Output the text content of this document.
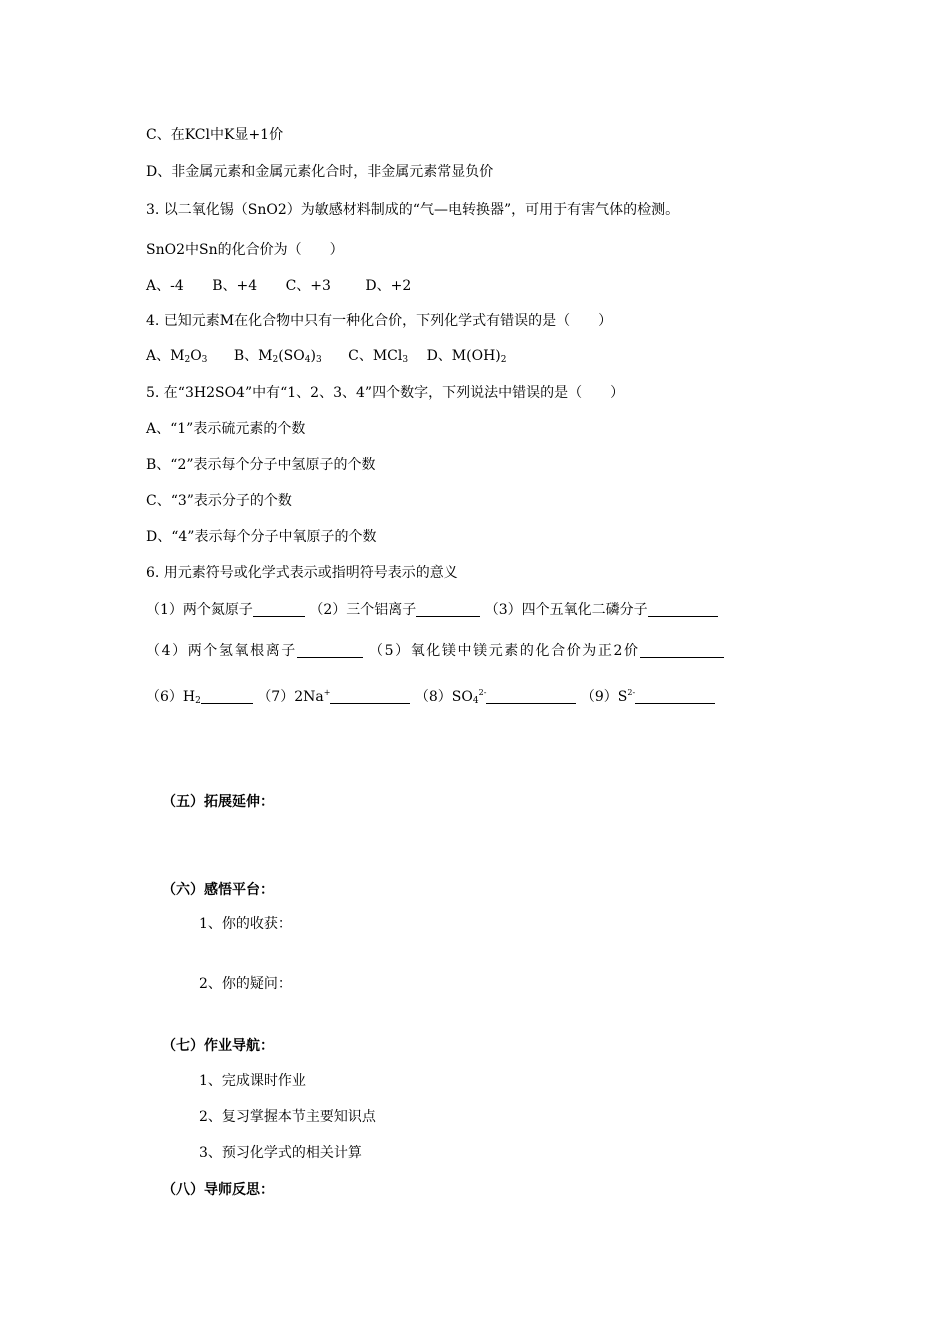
C、在KCl中K显+1价
D、非金属元素和金属元素化合时，非金属元素常显负价
3. 以二氧化锡（SnO2）为敏感材料制成的“气—电转换器”，可用于有害气体的检测。
SnO2中Sn的化合价为（　　）
A、-4 B、+4 C、+3 D、+2
4. 已知元素M在化合物中只有一种化合价，下列化学式有错误的是（　　）
A、$M_2O_3$ B、$M_2(SO_4)_3$ C、MCl$_3$ D、$M(OH)_2$
5. 在“3H2SO4”中有“1、2、3、4”四个数字，下列说法中错误的是（　　）
A、“1”表示硫元素的个数
B、“2”表示每个分子中氢原子的个数
C、“3”表示分子的个数
D、“4”表示每个分子中氧原子的个数
6. 用元素符号或化学式表示或指明符号表示的意义
（1）两个氮原子	（2）三个铝离子	（3）四个五氧化二磷分子
（4）两个氢氧根离子	（5）氧化镁中镁元素的化合价为正2价
$(6)H_2$	（7）2Na+	$(8)SO_4^{2-}$	$(9)S^{2-}$
（五）拓展延伸：
（六）感悟平台：
1、你的收获：
2、你的疑问：
（七）作业导航：
1、完成课时作业
2、复习掌握本节主要知识点
3、预习化学式的相关计算
（八）导师反思：
